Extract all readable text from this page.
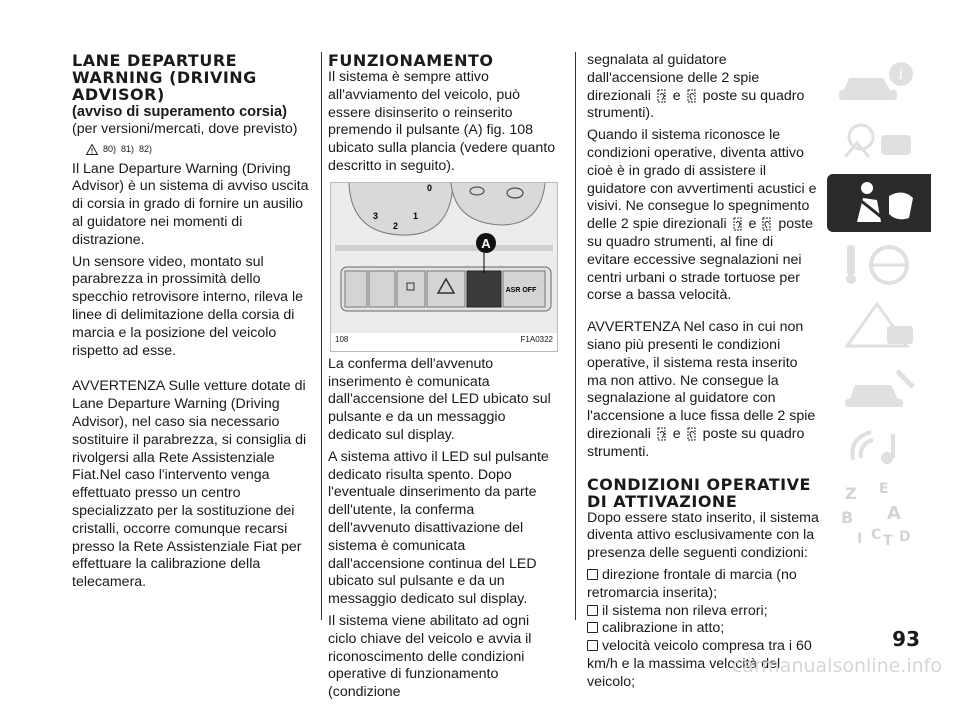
LANE DEPARTURE
WARNING (DRIVING
ADVISOR)
(avviso di superamento corsia)

(per versioni/mercati, dove previsto)

80) 81) 82)

Il Lane Departure Warning (Driving Advisor) è un sistema di avviso uscita di corsia in grado di fornire un ausilio al guidatore nei momenti di distrazione.

Un sensore video, montato sul parabrezza in prossimità dello specchio retrovisore interno, rileva le linee di delimitazione della corsia di marcia e la posizione del veicolo rispetto ad esse.

AVVERTENZA Sulle vetture dotate di Lane Departure Warning (Driving Advisor), nel caso sia necessario sostituire il parabrezza, si consiglia di rivolgersi alla Rete Assistenziale Fiat.Nel caso l'intervento venga effettuato presso un centro specializzato per la sostituzione dei cristalli, occorre comunque recarsi presso la Rete Assistenziale Fiat per effettuare la calibrazione della telecamera.

FUNZIONAMENTO

Il sistema è sempre attivo all'avviamento del veicolo, può essere disinserito o reinserito premendo il pulsante (A) fig. 108 ubicato sulla plancia (vedere quanto descritto in seguito).

3
2
1
0
ASR OFF
A
108	F1A0322

La conferma dell'avvenuto inserimento è comunicata dall'accensione del LED ubicato sul pulsante e da un messaggio dedicato sul display.

A sistema attivo il LED sul pulsante dedicato risulta spento. Dopo l'eventuale dinserimento da parte dell'utente, la conferma dell'avvenuto disattivazione del sistema è comunicata dall'accensione continua del LED ubicato sul pulsante e da un messaggio dedicato sul display.

Il sistema viene abilitato ad ogni ciclo chiave del veicolo e avvia il riconoscimento delle condizioni operative di funzionamento (condizione

segnalata al guidatore dall'accensione delle 2 spie direzionali e poste su quadro strumenti).

Quando il sistema riconosce le condizioni operative, diventa attivo cioè è in grado di assistere il guidatore con avvertimenti acustici e visivi. Ne consegue lo spegnimento delle 2 spie direzionali e poste su quadro strumenti, al fine di evitare eccessive segnalazioni nei centri urbani o strade tortuose per corse a bassa velocità.

AVVERTENZA Nel caso in cui non siano più presenti le condizioni operative, il sistema resta inserito ma non attivo. Ne consegue la segnalazione al guidatore con l'accensione a luce fissa delle 2 spie direzionali e poste su quadro strumenti.

CONDIZIONI OPERATIVE
DI ATTIVAZIONE

Dopo essere stato inserito, il sistema diventa attivo esclusivamente con la presenza delle seguenti condizioni:

direzione frontale di marcia (no retromarcia inserita);
il sistema non rileva errori;
calibrazione in atto;
velocità veicolo compresa tra i 60 km/h e la massima velocità del veicolo;
i
Z E
B A
I C T D
93
carmanualsonline.info
